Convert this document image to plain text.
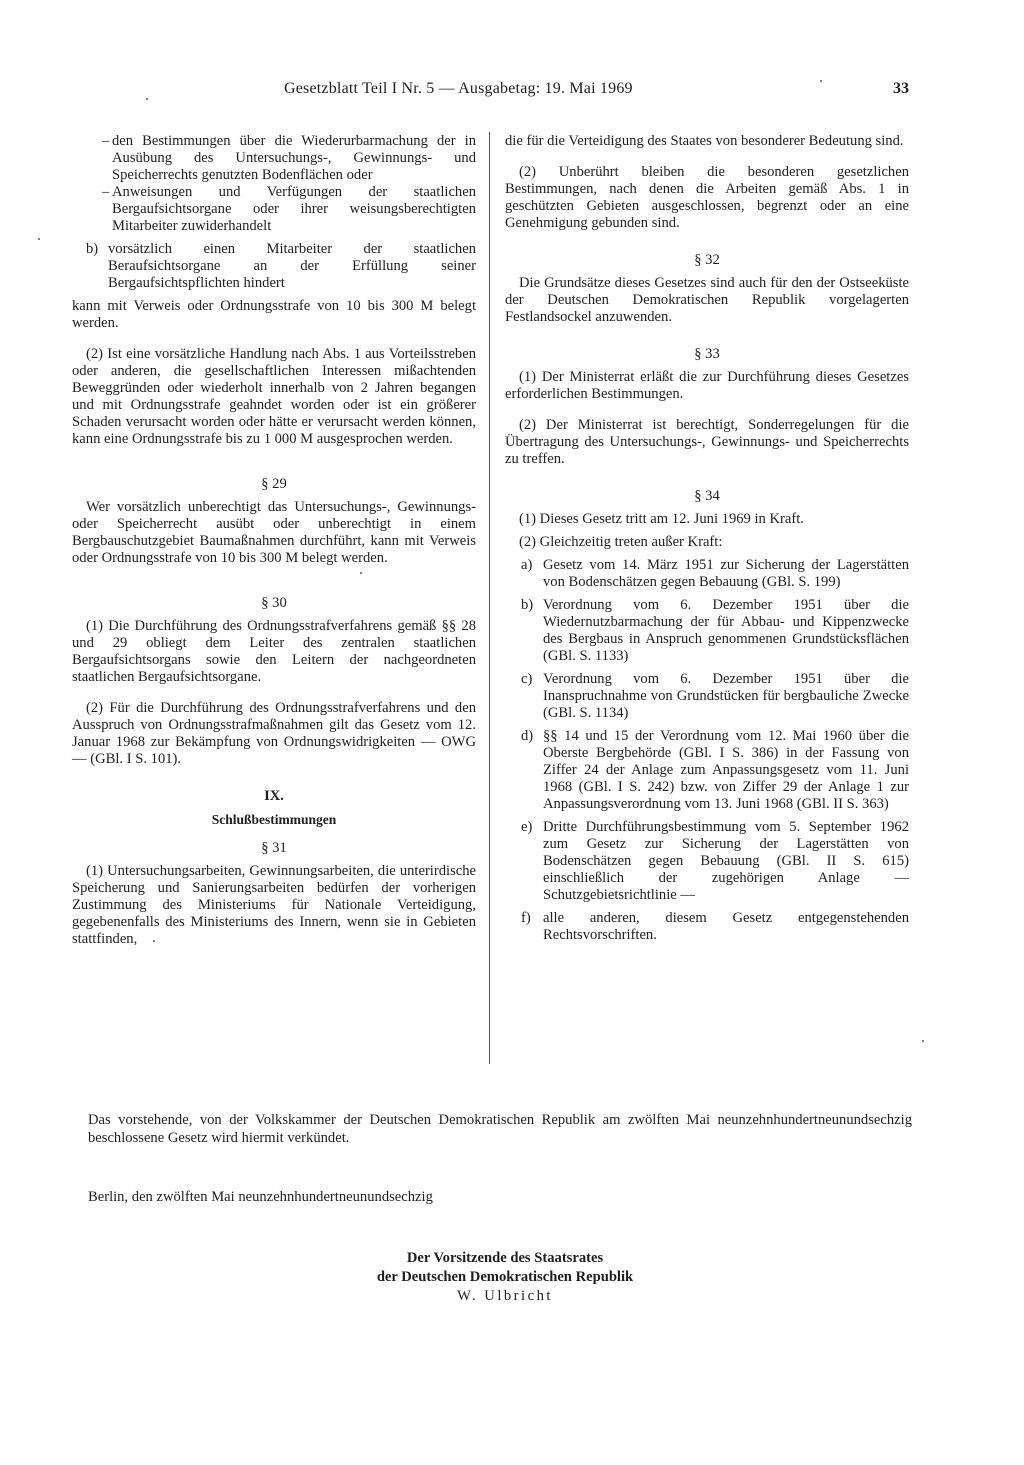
Gesetzblatt Teil I Nr. 5 — Ausgabetag: 19. Mai 1969	33
– den Bestimmungen über die Wiederurbarmachung der in Ausübung des Untersuchungs-, Gewinnungs- und Speicherrechts genutzten Bodenflächen oder
– Anweisungen und Verfügungen der staatlichen Bergaufsichtsorgane oder ihrer weisungsberechtigten Mitarbeiter zuwiderhandelt
b) vorsätzlich einen Mitarbeiter der staatlichen Beraufsichtsorgane an der Erfüllung seiner Bergaufsichtspflichten hindert

kann mit Verweis oder Ordnungsstrafe von 10 bis 300 M belegt werden.

(2) Ist eine vorsätzliche Handlung nach Abs. 1 aus Vorteilsstreben oder anderen, die gesellschaftlichen Interessen mißachtenden Beweggründen oder wiederholt innerhalb von 2 Jahren begangen und mit Ordnungsstrafe geahndet worden oder ist ein größerer Schaden verursacht worden oder hätte er verursacht werden können, kann eine Ordnungsstrafe bis zu 1 000 M ausgesprochen werden.

§ 29

Wer vorsätzlich unberechtigt das Untersuchungs-, Gewinnungs- oder Speicherrecht ausübt oder unberechtigt in einem Bergbauschutzgebiet Baumaßnahmen durchführt, kann mit Verweis oder Ordnungsstrafe von 10 bis 300 M belegt werden.

§ 30

(1) Die Durchführung des Ordnungsstrafverfahrens gemäß §§ 28 und 29 obliegt dem Leiter des zentralen staatlichen Bergaufsichtsorgans sowie den Leitern der nachgeordneten staatlichen Bergaufsichtsorgane.

(2) Für die Durchführung des Ordnungsstrafverfahrens und den Ausspruch von Ordnungsstrafmaßnahmen gilt das Gesetz vom 12. Januar 1968 zur Bekämpfung von Ordnungswidrigkeiten — OWG — (GBl. I S. 101).

IX.

Schlußbestimmungen

§ 31

(1) Untersuchungsarbeiten, Gewinnungsarbeiten, die unterirdische Speicherung und Sanierungsarbeiten bedürfen der vorherigen Zustimmung des Ministeriums für Nationale Verteidigung, gegebenenfalls des Ministeriums des Innern, wenn sie in Gebieten stattfinden,

die für die Verteidigung des Staates von besonderer Bedeutung sind.

(2) Unberührt bleiben die besonderen gesetzlichen Bestimmungen, nach denen die Arbeiten gemäß Abs. 1 in geschützten Gebieten ausgeschlossen, begrenzt oder an eine Genehmigung gebunden sind.

§ 32

Die Grundsätze dieses Gesetzes sind auch für den der Ostseeküste der Deutschen Demokratischen Republik vorgelagerten Festlandsockel anzuwenden.

§ 33

(1) Der Ministerrat erläßt die zur Durchführung dieses Gesetzes erforderlichen Bestimmungen.

(2) Der Ministerrat ist berechtigt, Sonderregelungen für die Übertragung des Untersuchungs-, Gewinnungs- und Speicherrechts zu treffen.

§ 34

(1) Dieses Gesetz tritt am 12. Juni 1969 in Kraft.

(2) Gleichzeitig treten außer Kraft:

a) Gesetz vom 14. März 1951 zur Sicherung der Lagerstätten von Bodenschätzen gegen Bebauung (GBl. S. 199)
b) Verordnung vom 6. Dezember 1951 über die Wiedernutzbarmachung der für Abbau- und Kippenzwecke des Bergbaus in Anspruch genommenen Grundstücksflächen (GBl. S. 1133)
c) Verordnung vom 6. Dezember 1951 über die Inanspruchnahme von Grundstücken für bergbauliche Zwecke (GBl. S. 1134)
d) §§ 14 und 15 der Verordnung vom 12. Mai 1960 über die Oberste Bergbehörde (GBl. I S. 386) in der Fassung von Ziffer 24 der Anlage zum Anpassungsgesetz vom 11. Juni 1968 (GBl. I S. 242) bzw. von Ziffer 29 der Anlage 1 zur Anpassungsverordnung vom 13. Juni 1968 (GBl. II S. 363)
e) Dritte Durchführungsbestimmung vom 5. September 1962 zum Gesetz zur Sicherung der Lagerstätten von Bodenschätzen gegen Bebauung (GBl. II S. 615) einschließlich der zugehörigen Anlage — Schutzgebietsrichtlinie —
f) alle anderen, diesem Gesetz entgegenstehenden Rechtsvorschriften.

Das vorstehende, von der Volkskammer der Deutschen Demokratischen Republik am zwölften Mai neunzehnhundertneunundsechzig beschlossene Gesetz wird hiermit verkündet.

Berlin, den zwölften Mai neunzehnhundertneunundsechzig

Der Vorsitzende des Staatsrates
der Deutschen Demokratischen Republik
W. Ulbricht
